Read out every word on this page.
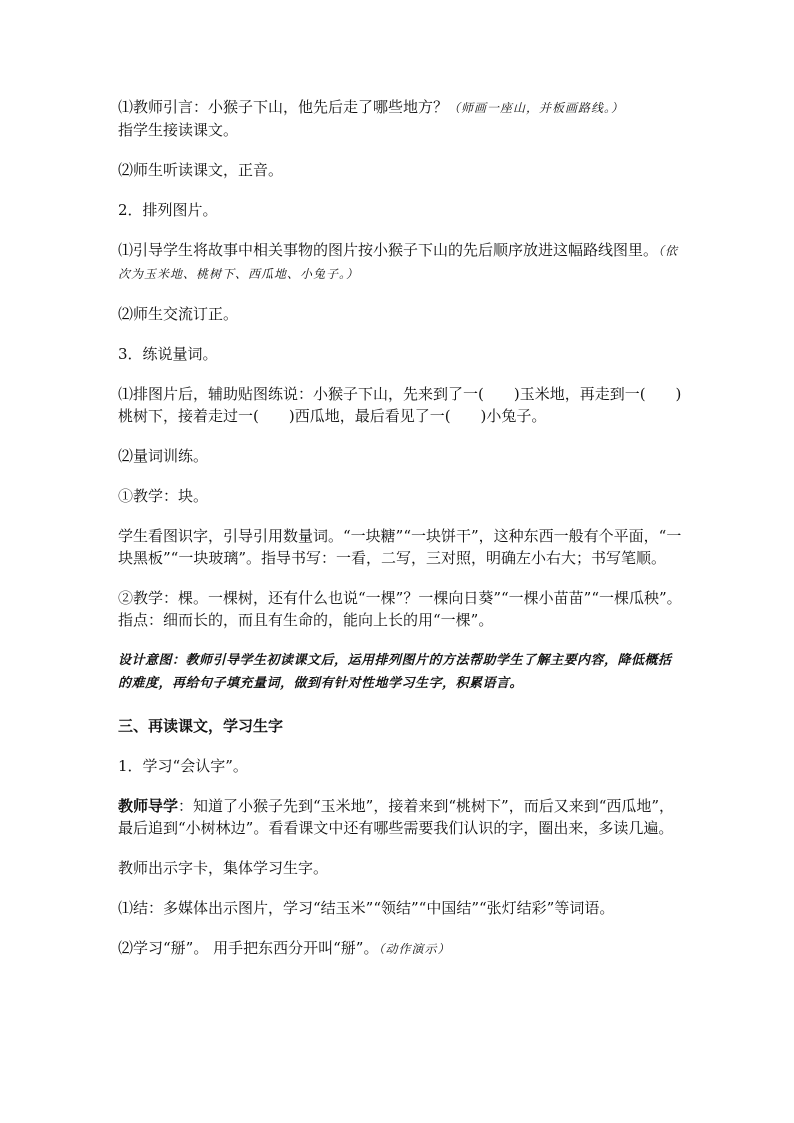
⑴教师引言：小猴子下山，他先后走了哪些地方？（师画一座山，并板画路线。）
指学生接读课文。

⑵师生听读课文，正音。

2．排列图片。

⑴引导学生将故事中相关事物的图片按小猴子下山的先后顺序放进这幅路线图里。（依次为玉米地、桃树下、西瓜地、小兔子。）

⑵师生交流订正。

3．练说量词。

⑴排图片后，辅助贴图练说：小猴子下山，先来到了一(　　)玉米地，再走到一(　　)桃树下，接着走过一(　　)西瓜地，最后看见了一(　　)小兔子。

⑵量词训练。

①教学：块。

学生看图识字，引导引用数量词。“一块糖”“一块饼干”，这种东西一般有个平面，“一块黑板”“一块玻璃”。指导书写：一看，二写，三对照，明确左小右大；书写笔顺。

②教学：棵。一棵树，还有什么也说“一棵”？一棵向日葵”“一棵小苗苗”“一棵瓜秧”。指点：细而长的，而且有生命的，能向上长的用“一棵”。

设计意图：教师引导学生初读课文后，运用排列图片的方法帮助学生了解主要内容，降低概括的难度，再给句子填充量词，做到有针对性地学习生字，积累语言。

三、再读课文，学习生字

1．学习“会认字”。

教师导学：知道了小猴子先到“玉米地”，接着来到“桃树下”，而后又来到“西瓜地”，最后追到“小树林边”。看看课文中还有哪些需要我们认识的字，圈出来，多读几遍。

教师出示字卡，集体学习生字。

⑴结：多媒体出示图片，学习“结玉米”“领结”“中国结”“张灯结彩”等词语。

⑵学习“掰”。 用手把东西分开叫“掰”。（动作演示）
